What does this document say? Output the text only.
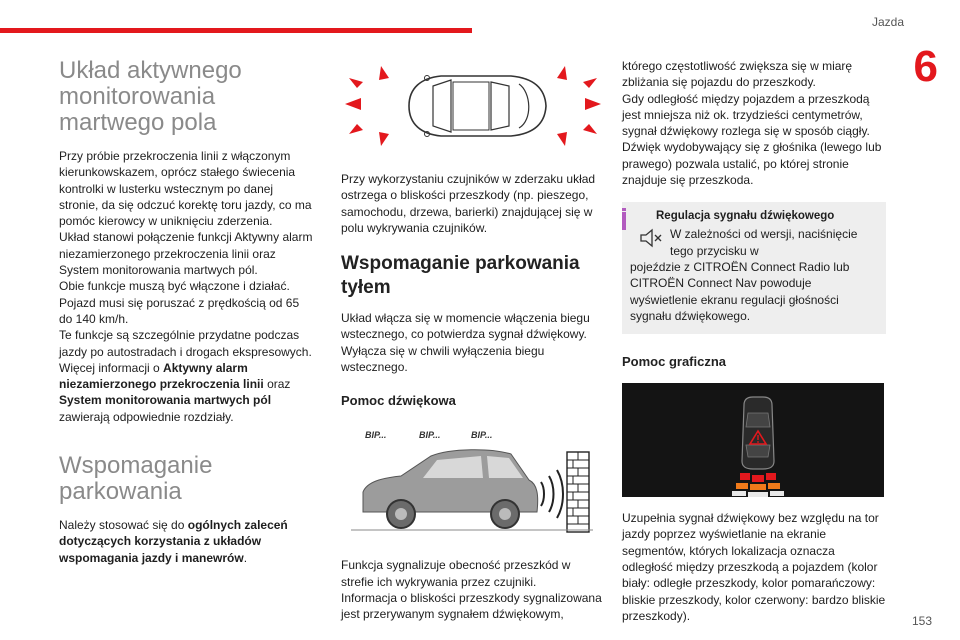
Jazda
6
153
Układ aktywnego monitorowania martwego pola

Przy próbie przekroczenia linii z włączonym kierunkowskazem, oprócz stałego świecenia kontrolki w lusterku wstecznym po danej stronie, da się odczuć korektę toru jazdy, co ma pomóc kierowcy w uniknięciu zderzenia.

Układ stanowi połączenie funkcji Aktywny alarm niezamierzonego przekroczenia linii oraz System monitorowania martwych pól.

Obie funkcje muszą być włączone i działać.

Pojazd musi się poruszać z prędkością od 65 do 140 km/h.

Te funkcje są szczególnie przydatne podczas jazdy po autostradach i drogach ekspresowych.

Więcej informacji o Aktywny alarm niezamierzonego przekroczenia linii oraz System monitorowania martwych pól zawierają odpowiednie rozdziały.

Wspomaganie parkowania

Należy stosować się do ogólnych zaleceń dotyczących korzystania z układów wspomagania jazdy i manewrów.

Przy wykorzystaniu czujników w zderzaku układ ostrzega o bliskości przeszkody (np. pieszego, samochodu, drzewa, barierki) znajdującej się w polu wykrywania czujników.

Wspomaganie parkowania tyłem

Układ włącza się w momencie włączenia biegu wstecznego, co potwierdza sygnał dźwiękowy.

Wyłącza się w chwili wyłączenia biegu wstecznego.

Pomoc dźwiękowa
BIP...	BIP...	BIP...

Funkcja sygnalizuje obecność przeszkód w strefie ich wykrywania przez czujniki.

Informacja o bliskości przeszkody sygnalizowana jest przerywanym sygnałem dźwiękowym,

którego częstotliwość zwiększa się w miarę zbliżania się pojazdu do przeszkody.

Gdy odległość między pojazdem a przeszkodą jest mniejsza niż ok. trzydzieści centymetrów, sygnał dźwiękowy rozlega się w sposób ciągły.

Dźwięk wydobywający się z głośnika (lewego lub prawego) pozwala ustalić, po której stronie znajduje się przeszkoda.

Regulacja sygnału dźwiękowego
W zależności od wersji, naciśnięcie tego przycisku w
pojeździe z CITROËN Connect Radio lub CITROËN Connect Nav powoduje wyświetlenie ekranu regulacji głośności sygnału dźwiękowego.
Pomoc graficzna

Uzupełnia sygnał dźwiękowy bez względu na tor jazdy poprzez wyświetlanie na ekranie segmentów, których lokalizacja oznacza odległość między przeszkodą a pojazdem (kolor biały: odległe przeszkody, kolor pomarańczowy: bliskie przeszkody, kolor czerwony: bardzo bliskie przeszkody).
